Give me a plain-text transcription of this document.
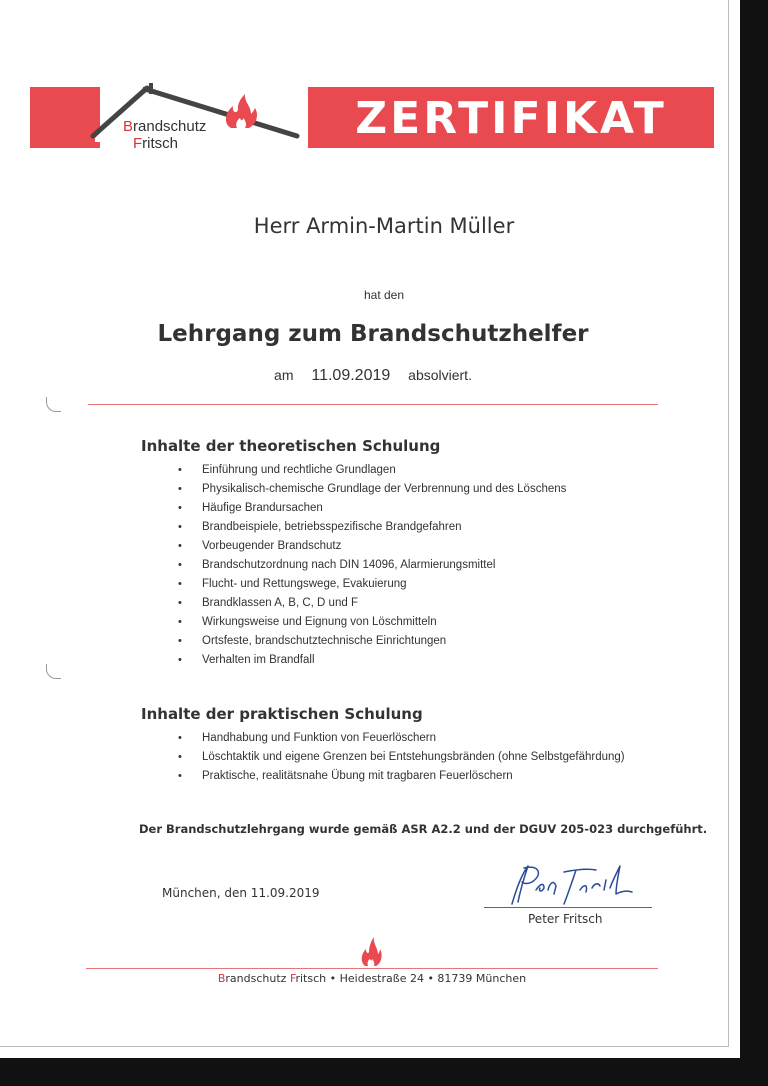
ZERTIFIKAT
Brandschutz
Fritsch
Herr Armin-Martin Müller
hat den
Lehrgang zum Brandschutzhelfer
am 11.09.2019 absolviert.
Inhalte der theoretischen Schulung
• Einführung und rechtliche Grundlagen
• Physikalisch-chemische Grundlage der Verbrennung und des Löschens
• Häufige Brandursachen
• Brandbeispiele, betriebsspezifische Brandgefahren
• Vorbeugender Brandschutz
• Brandschutzordnung nach DIN 14096, Alarmierungsmittel
• Flucht- und Rettungswege, Evakuierung
• Brandklassen A, B, C, D und F
• Wirkungsweise und Eignung von Löschmitteln
• Ortsfeste, brandschutztechnische Einrichtungen
• Verhalten im Brandfall
Inhalte der praktischen Schulung
• Handhabung und Funktion von Feuerlöschern
• Löschtaktik und eigene Grenzen bei Entstehungsbränden (ohne Selbstgefährdung)
• Praktische, realitätsnahe Übung mit tragbaren Feuerlöschern
Der Brandschutzlehrgang wurde gemäß ASR A2.2 und der DGUV 205-023 durchgeführt.
München, den 11.09.2019
Peter Fritsch
Brandschutz Fritsch • Heidestraße 24 • 81739 München
